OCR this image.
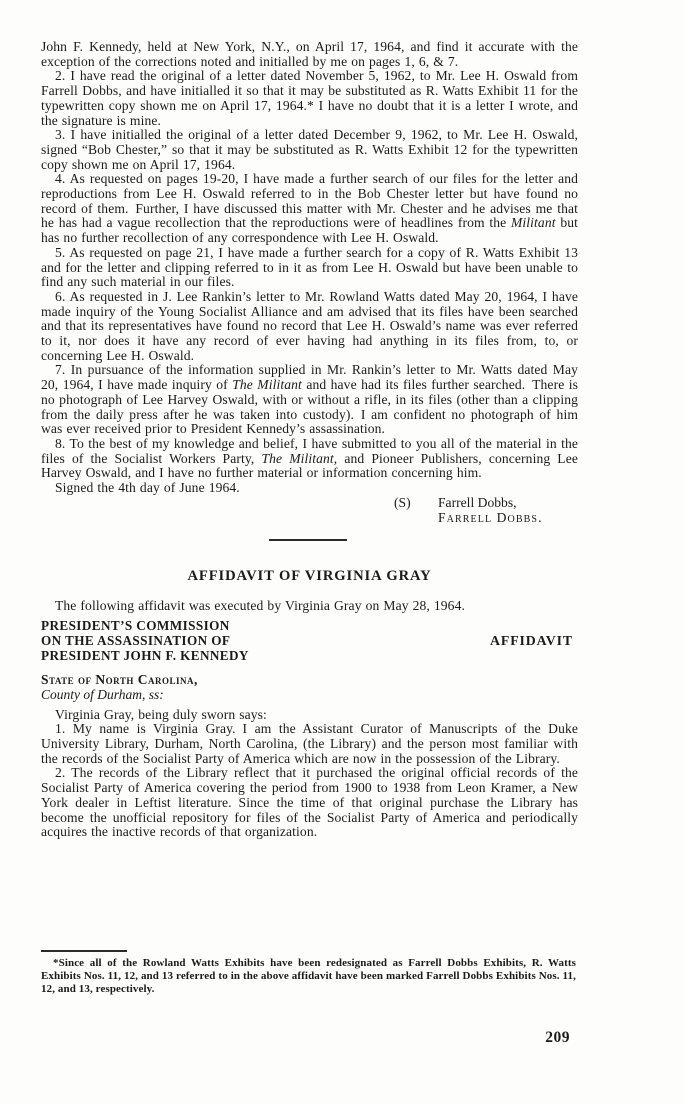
John F. Kennedy, held at New York, N.Y., on April 17, 1964, and find it accurate with the exception of the corrections noted and initialled by me on pages 1, 6, & 7.

2. I have read the original of a letter dated November 5, 1962, to Mr. Lee H. Oswald from Farrell Dobbs, and have initialled it so that it may be substituted as R. Watts Exhibit 11 for the typewritten copy shown me on April 17, 1964.* I have no doubt that it is a letter I wrote, and the signature is mine.

3. I have initialled the original of a letter dated December 9, 1962, to Mr. Lee H. Oswald, signed “Bob Chester,” so that it may be substituted as R. Watts Exhibit 12 for the typewritten copy shown me on April 17, 1964.

4. As requested on pages 19-20, I have made a further search of our files for the letter and reproductions from Lee H. Oswald referred to in the Bob Chester letter but have found no record of them. Further, I have discussed this matter with Mr. Chester and he advises me that he has had a vague recollection that the reproductions were of headlines from the Militant but has no further recollection of any correspondence with Lee H. Oswald.

5. As requested on page 21, I have made a further search for a copy of R. Watts Exhibit 13 and for the letter and clipping referred to in it as from Lee H. Oswald but have been unable to find any such material in our files.

6. As requested in J. Lee Rankin’s letter to Mr. Rowland Watts dated May 20, 1964, I have made inquiry of the Young Socialist Alliance and am advised that its files have been searched and that its representatives have found no record that Lee H. Oswald’s name was ever referred to it, nor does it have any record of ever having had anything in its files from, to, or concerning Lee H. Oswald.

7. In pursuance of the information supplied in Mr. Rankin’s letter to Mr. Watts dated May 20, 1964, I have made inquiry of The Militant and have had its files further searched. There is no photograph of Lee Harvey Oswald, with or without a rifle, in its files (other than a clipping from the daily press after he was taken into custody). I am confident no photograph of him was ever received prior to President Kennedy’s assassination.

8. To the best of my knowledge and belief, I have submitted to you all of the material in the files of the Socialist Workers Party, The Militant, and Pioneer Publishers, concerning Lee Harvey Oswald, and I have no further material or information concerning him.

Signed the 4th day of June 1964.

(S)	Farrell Dobbs,
Farrell Dobbs.
AFFIDAVIT OF VIRGINIA GRAY

The following affidavit was executed by Virginia Gray on May 28, 1964.

PRESIDENT’S COMMISSION
ON THE ASSASSINATION OF
PRESIDENT JOHN F. KENNEDY
AFFIDAVIT
State of North Carolina,
County of Durham, ss:

Virginia Gray, being duly sworn says:

1. My name is Virginia Gray. I am the Assistant Curator of Manuscripts of the Duke University Library, Durham, North Carolina, (the Library) and the person most familiar with the records of the Socialist Party of America which are now in the possession of the Library.

2. The records of the Library reflect that it purchased the original official records of the Socialist Party of America covering the period from 1900 to 1938 from Leon Kramer, a New York dealer in Leftist literature. Since the time of that original purchase the Library has become the unofficial repository for files of the Socialist Party of America and periodically acquires the inactive records of that organization.

*Since all of the Rowland Watts Exhibits have been redesignated as Farrell Dobbs Exhibits, R. Watts Exhibits Nos. 11, 12, and 13 referred to in the above affidavit have been marked Farrell Dobbs Exhibits Nos. 11, 12, and 13, respectively.

209
